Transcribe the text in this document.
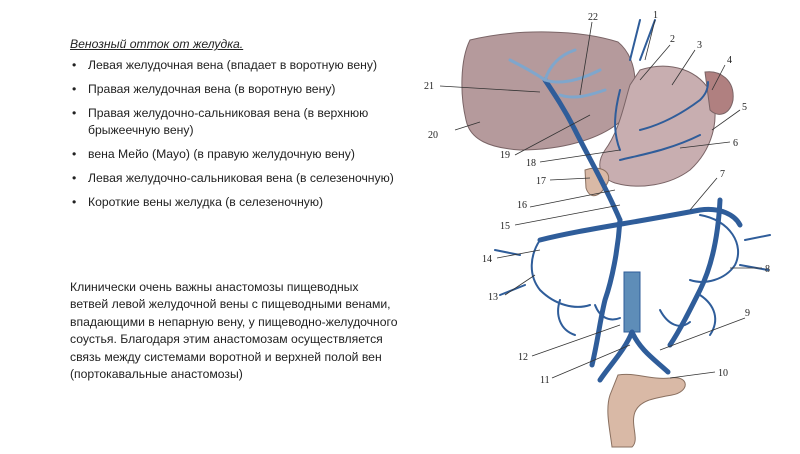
Венозный отток от желудка.
• Левая желудочная вена (впадает в воротную вену)
• Правая желудочная вена (в воротную вену)
• Правая желудочно-сальниковая вена (в верхнюю брыжеечную вену)
• вена Мейо (Mayo) (в правую желудочную вену)
• Левая желудочно-сальниковая вена (в селезеночную)
• Короткие вены желудка (в селезеночную)
Клинически очень важны анастомозы пищеводных ветвей левой желудочной вены с пищеводными венами, впадающими в непарную вену, у пищеводно-желудочного соустья. Благодаря этим анастомозам осуществляется связь между системами воротной и верхней полой вен (портокавальные анастомозы)
1
2
3
4
5
6
7
8
9
10
11
12
13
14
15
16
17
18
19
20
21
22
